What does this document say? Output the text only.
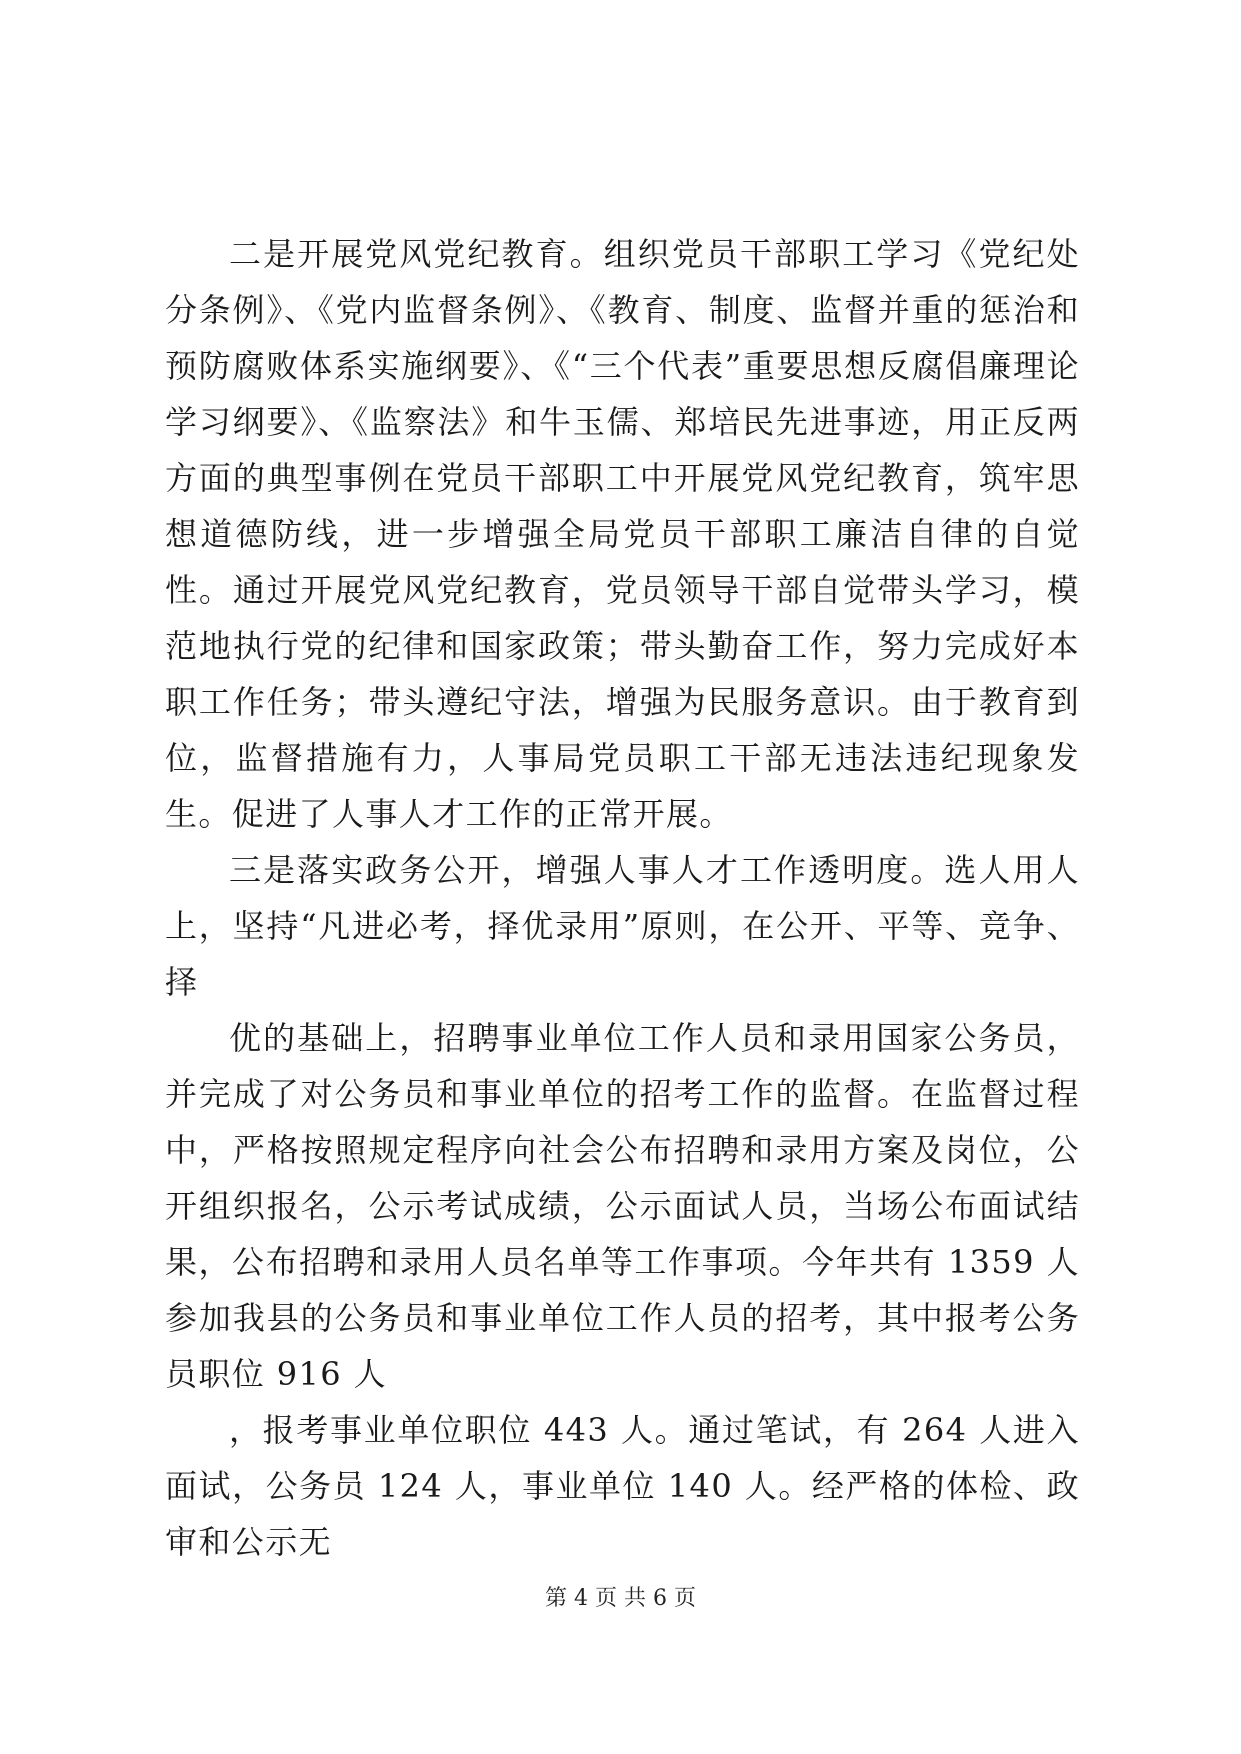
二是开展党风党纪教育。组织党员干部职工学习《党纪处分条例》、《党内监督条例》、《教育、制度、监督并重的惩治和预防腐败体系实施纲要》、《“三个代表”重要思想反腐倡廉理论学习纲要》、《监察法》和牛玉儒、郑培民先进事迹，用正反两方面的典型事例在党员干部职工中开展党风党纪教育，筑牢思想道德防线，进一步增强全局党员干部职工廉洁自律的自觉性。通过开展党风党纪教育，党员领导干部自觉带头学习，模范地执行党的纪律和国家政策；带头勤奋工作，努力完成好本职工作任务；带头遵纪守法，增强为民服务意识。由于教育到位，监督措施有力，人事局党员职工干部无违法违纪现象发生。促进了人事人才工作的正常开展。

三是落实政务公开，增强人事人才工作透明度。选人用人上，坚持“凡进必考，择优录用”原则，在公开、平等、竞争、择

优的基础上，招聘事业单位工作人员和录用国家公务员，并完成了对公务员和事业单位的招考工作的监督。在监督过程中，严格按照规定程序向社会公布招聘和录用方案及岗位，公开组织报名，公示考试成绩，公示面试人员，当场公布面试结果，公布招聘和录用人员名单等工作事项。今年共有 1359 人参加我县的公务员和事业单位工作人员的招考，其中报考公务员职位 916 人

，报考事业单位职位 443 人。通过笔试，有 264 人进入面试，公务员 124 人，事业单位 140 人。经严格的体检、政审和公示无

第 4 页 共 6 页
